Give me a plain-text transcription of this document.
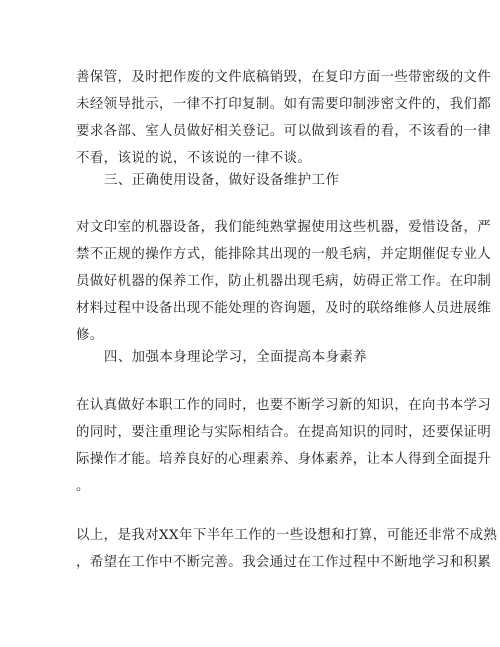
善保管，及时把作废的文件底稿销毁，在复印方面一些带密级的文件
未经领导批示，一律不打印复制。如有需要印制涉密文件的，我们都
要求各部、室人员做好相关登记。可以做到该看的看，不该看的一律
不看，该说的说，不该说的一律不谈。

三、正确使用设备，做好设备维护工作

对文印室的机器设备，我们能纯熟掌握使用这些机器，爱惜设备，严
禁不正规的操作方式，能排除其出现的一般毛病，并定期催促专业人
员做好机器的保养工作，防止机器出现毛病，妨碍正常工作。在印制
材料过程中设备出现不能处理的咨询题，及时的联络维修人员进展维
修。

四、加强本身理论学习，全面提高本身素养

在认真做好本职工作的同时，也要不断学习新的知识，在向书本学习
的同时，要注重理论与实际相结合。在提高知识的同时，还要保证明
际操作才能。培养良好的心理素养、身体素养，让本人得到全面提升
。
以上，是我对XX年下半年工作的一些设想和打算，可能还非常不成熟
，希望在工作中不断完善。我会通过在工作过程中不断地学习和积累
